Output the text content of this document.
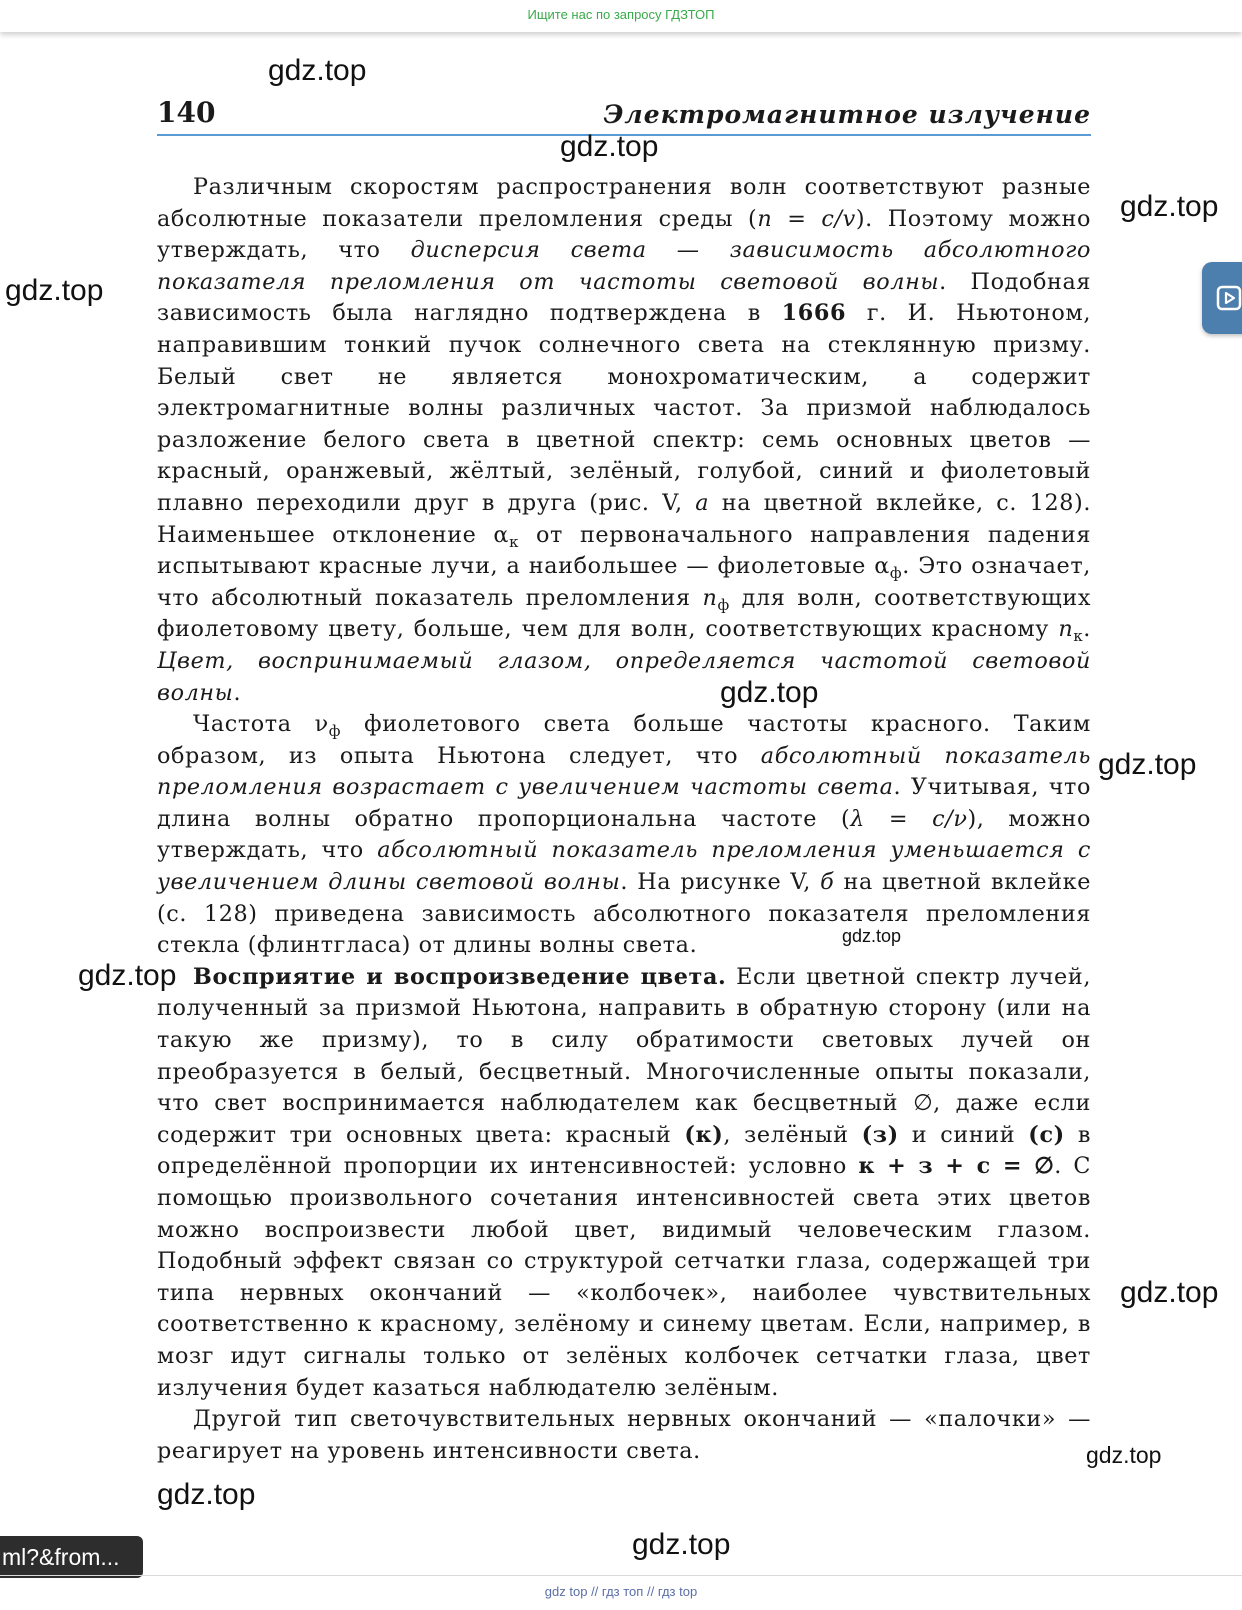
Ищите нас по запросу ГДЗТОП
140	Электромагнитное излучение

Различным скоростям распространения волн соответствуют разные абсолютные показатели преломления среды (n = c/v). Поэтому можно утверждать, что дисперсия света — зависимость абсолютного показателя преломления от частоты световой волны. Подобная зависимость была наглядно подтверждена в 1666 г. И. Ньютоном, направившим тонкий пучок солнечного света на стеклянную призму. Белый свет не является монохроматическим, а содержит электромагнитные волны различных частот. За призмой наблюдалось разложение белого света в цветной спектр: семь основных цветов — красный, оранжевый, жёлтый, зелёный, голубой, синий и фиолетовый плавно переходили друг в друга (рис. V, а на цветной вклейке, с. 128). Наименьшее отклонение $\alpha_к$ от первоначального направления падения испытывают красные лучи, а наибольшее — фиолетовые $\alpha_ф$. Это означает, что абсолютный показатель преломления $n_ф$ для волн, соответствующих фиолетовому цвету, больше, чем для волн, соответствующих красному $n_к$. Цвет, воспринимаемый глазом, определяется частотой световой волны.

Частота $\nu_ф$ фиолетового света больше частоты красного. Таким образом, из опыта Ньютона следует, что абсолютный показатель преломления возрастает с увеличением частоты света. Учитывая, что длина волны обратно пропорциональна частоте (λ = c/ν), можно утверждать, что абсолютный показатель преломления уменьшается с увеличением длины световой волны. На рисунке V, б на цветной вклейке (с. 128) приведена зависимость абсолютного показателя преломления стекла (флинтгласа) от длины волны света.

Восприятие и воспроизведение цвета. Если цветной спектр лучей, полученный за призмой Ньютона, направить в обратную сторону (или на такую же призму), то в силу обратимости световых лучей он преобразуется в белый, бесцветный. Многочисленные опыты показали, что свет воспринимается наблюдателем как бесцветный ∅, даже если содержит три основных цвета: красный (к), зелёный (з) и синий (с) в определённой пропорции их интенсивностей: условно к + з + с = ∅. С помощью произвольного сочетания интенсивностей света этих цветов можно воспроизвести любой цвет, видимый человеческим глазом. Подобный эффект связан со структурой сетчатки глаза, содержащей три типа нервных окончаний — «колбочек», наиболее чувствительных соответственно к красному, зелёному и синему цветам. Если, например, в мозг идут сигналы только от зелёных колбочек сетчатки глаза, цвет излучения будет казаться наблюдателю зелёным.

Другой тип светочувствительных нервных окончаний — «палочки» — реагирует на уровень интенсивности света.

gdz.top
gdz.top
gdz.top
gdz.top
gdz.top
gdz.top
gdz.top
gdz.top
gdz.top
gdz.top
gdz.top
gdz.top
ml?&from...
gdz top // гдз топ // гдз top
